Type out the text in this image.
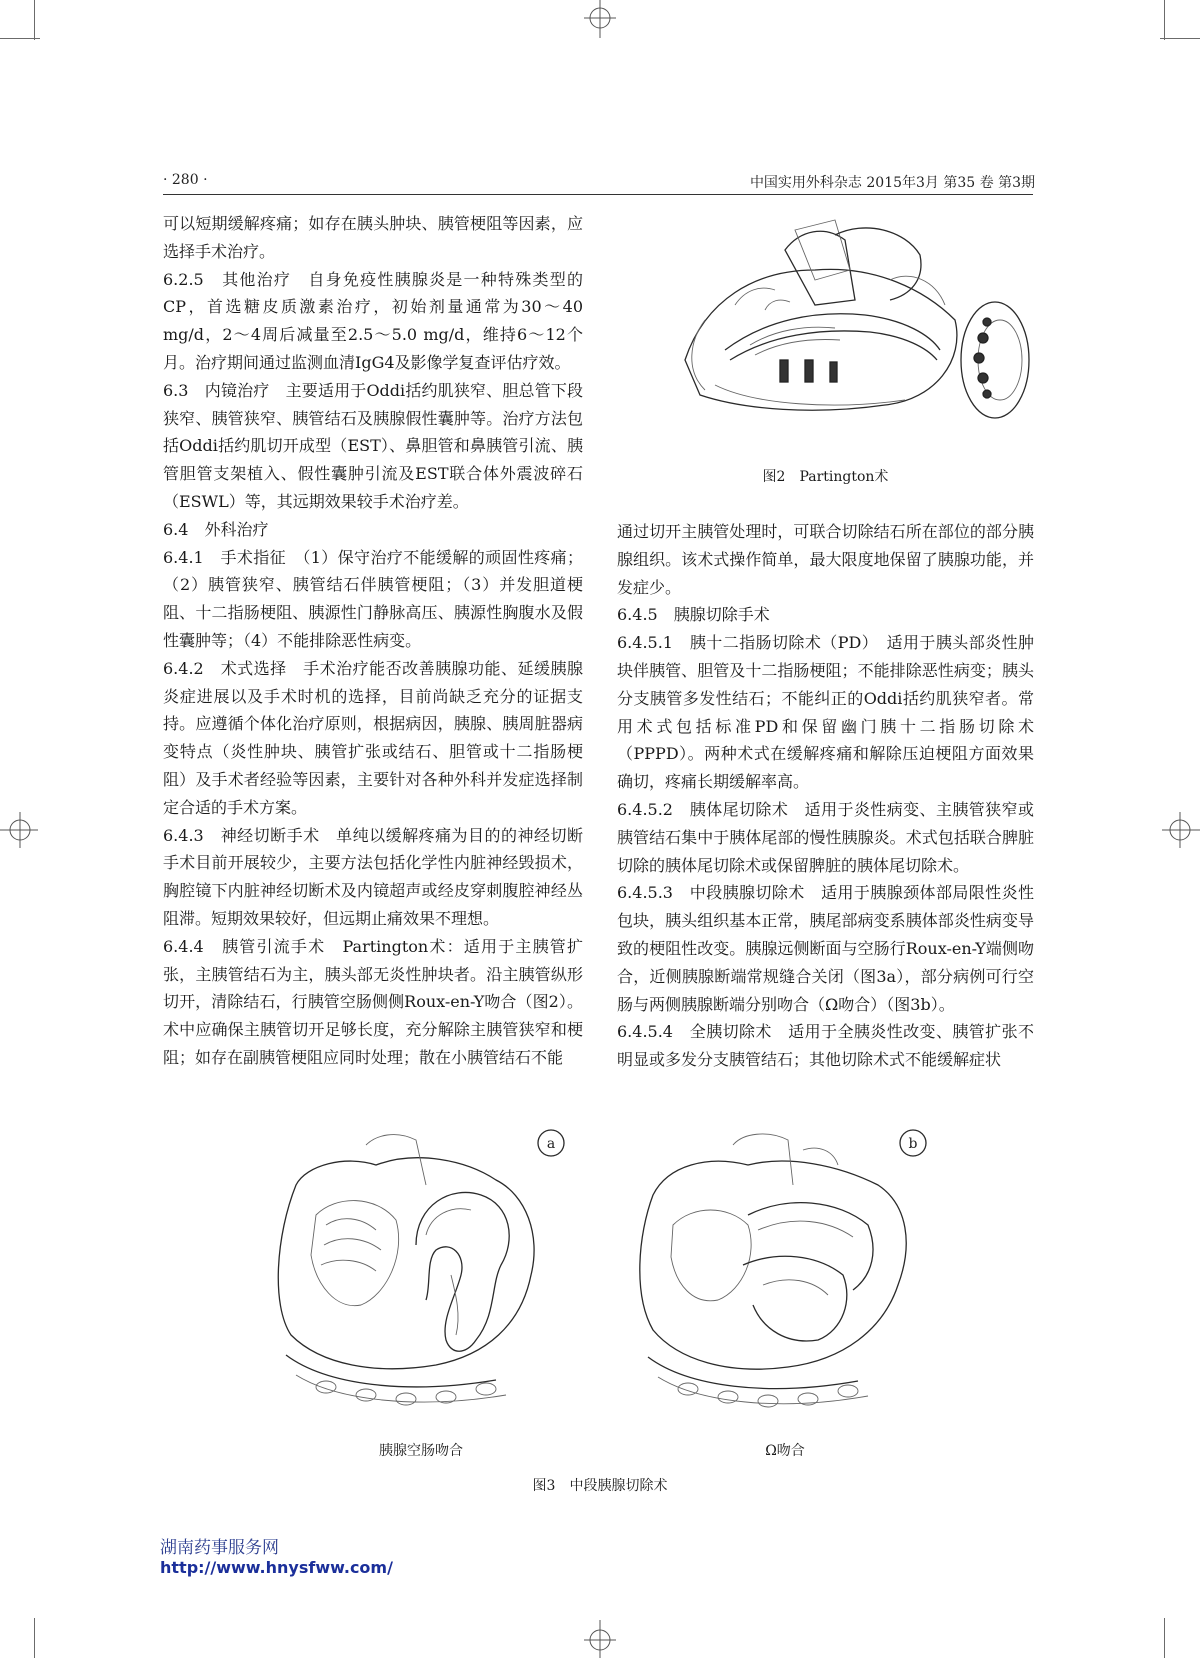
· 280 ·	中国实用外科杂志 2015年3月 第35 卷 第3期

可以短期缓解疼痛；如存在胰头肿块、胰管梗阻等因素，应选择手术治疗。

6.2.5　其他治疗　自身免疫性胰腺炎是一种特殊类型的CP，首选糖皮质激素治疗，初始剂量通常为30～40 mg/d，2～4周后减量至2.5～5.0 mg/d，维持6～12个月。治疗期间通过监测血清IgG4及影像学复查评估疗效。

6.3　内镜治疗　主要适用于Oddi括约肌狭窄、胆总管下段狭窄、胰管狭窄、胰管结石及胰腺假性囊肿等。治疗方法包括Oddi括约肌切开成型（EST）、鼻胆管和鼻胰管引流、胰管胆管支架植入、假性囊肿引流及EST联合体外震波碎石（ESWL）等，其远期效果较手术治疗差。

6.4　外科治疗

6.4.1　手术指征　（1）保守治疗不能缓解的顽固性疼痛；（2）胰管狭窄、胰管结石伴胰管梗阻；（3）并发胆道梗阻、十二指肠梗阻、胰源性门静脉高压、胰源性胸腹水及假性囊肿等；（4）不能排除恶性病变。

6.4.2　术式选择　手术治疗能否改善胰腺功能、延缓胰腺炎症进展以及手术时机的选择，目前尚缺乏充分的证据支持。应遵循个体化治疗原则，根据病因，胰腺、胰周脏器病变特点（炎性肿块、胰管扩张或结石、胆管或十二指肠梗阻）及手术者经验等因素，主要针对各种外科并发症选择制定合适的手术方案。

6.4.3　神经切断手术　单纯以缓解疼痛为目的的神经切断手术目前开展较少，主要方法包括化学性内脏神经毁损术，胸腔镜下内脏神经切断术及内镜超声或经皮穿刺腹腔神经丛阻滞。短期效果较好，但远期止痛效果不理想。

6.4.4　胰管引流手术　Partington术：适用于主胰管扩张，主胰管结石为主，胰头部无炎性肿块者。沿主胰管纵形切开，清除结石，行胰管空肠侧侧Roux-en-Y吻合（图2）。术中应确保主胰管切开足够长度，充分解除主胰管狭窄和梗阻；如存在副胰管梗阻应同时处理；散在小胰管结石不能

图2　Partington术

通过切开主胰管处理时，可联合切除结石所在部位的部分胰腺组织。该术式操作简单，最大限度地保留了胰腺功能，并发症少。

6.4.5　胰腺切除手术

6.4.5.1　胰十二指肠切除术（PD）　适用于胰头部炎性肿块伴胰管、胆管及十二指肠梗阻；不能排除恶性病变；胰头分支胰管多发性结石；不能纠正的Oddi括约肌狭窄者。常用术式包括标准PD和保留幽门胰十二指肠切除术（PPPD）。两种术式在缓解疼痛和解除压迫梗阻方面效果确切，疼痛长期缓解率高。

6.4.5.2　胰体尾切除术　适用于炎性病变、主胰管狭窄或胰管结石集中于胰体尾部的慢性胰腺炎。术式包括联合脾脏切除的胰体尾切除术或保留脾脏的胰体尾切除术。

6.4.5.3　中段胰腺切除术　适用于胰腺颈体部局限性炎性包块，胰头组织基本正常，胰尾部病变系胰体部炎性病变导致的梗阻性改变。胰腺远侧断面与空肠行Roux-en-Y端侧吻合，近侧胰腺断端常规缝合关闭（图3a），部分病例可行空肠与两侧胰腺断端分别吻合（Ω吻合）（图3b）。

6.4.5.4　全胰切除术　适用于全胰炎性改变、胰管扩张不明显或多发分支胰管结石；其他切除术式不能缓解症状

a	b
胰腺空肠吻合	Ω吻合
图3　中段胰腺切除术
湖南药事服务网
http://www.hnysfww.com/
